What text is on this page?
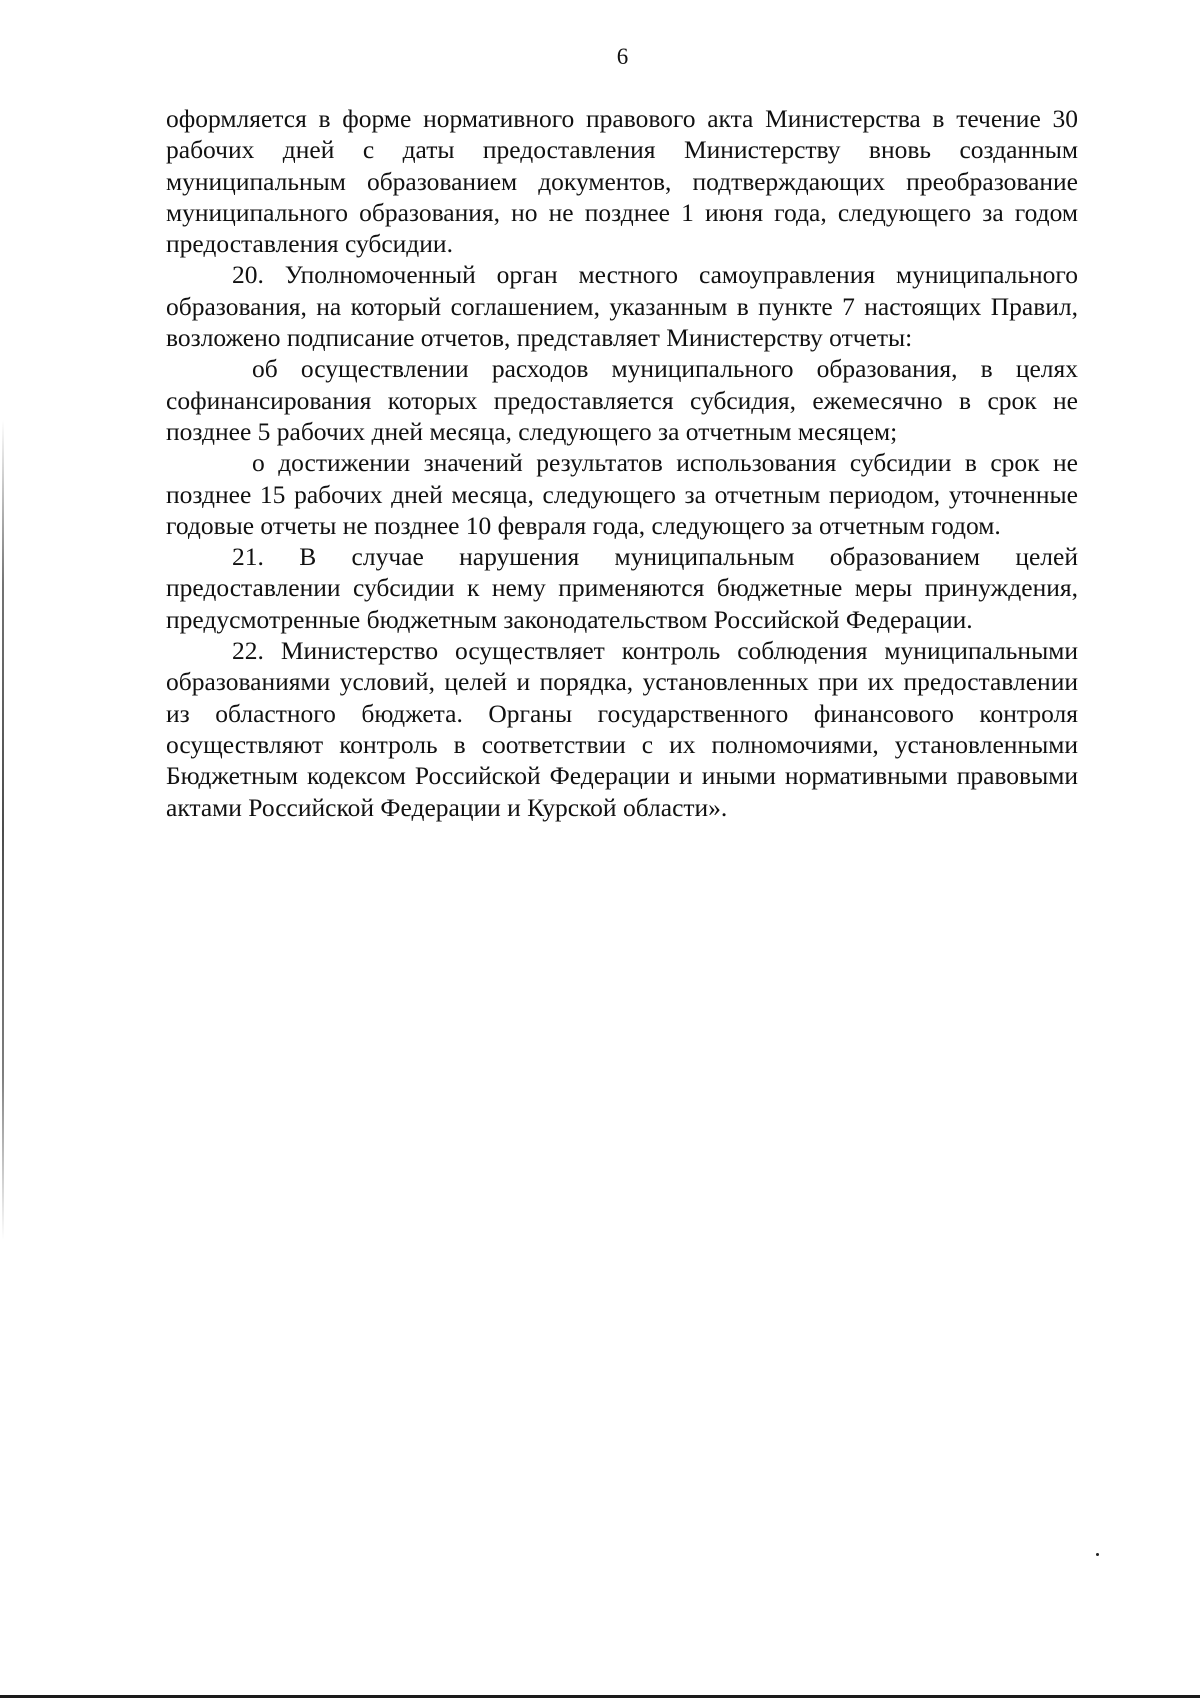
6

оформляется в форме нормативного правового акта Министерства в течение 30 рабочих дней с даты предоставления Министерству вновь созданным муниципальным образованием документов, подтверждающих преобразование муниципального образования, но не позднее 1 июня года, следующего за годом предоставления субсидии.

20. Уполномоченный орган местного самоуправления муниципального образования, на который соглашением, указанным в пункте 7 настоящих Правил, возложено подписание отчетов, представляет Министерству отчеты:

об осуществлении расходов муниципального образования, в целях софинансирования которых предоставляется субсидия, ежемесячно в срок не позднее 5 рабочих дней месяца, следующего за отчетным месяцем;

о достижении значений результатов использования субсидии в срок не позднее 15 рабочих дней месяца, следующего за отчетным периодом, уточненные годовые отчеты не позднее 10 февраля года, следующего за отчетным годом.

21. В случае нарушения муниципальным образованием целей предоставлении субсидии к нему применяются бюджетные меры принуждения, предусмотренные бюджетным законодательством Российской Федерации.

22. Министерство осуществляет контроль соблюдения муниципальными образованиями условий, целей и порядка, установленных при их предоставлении из областного бюджета. Органы государственного финансового контроля осуществляют контроль в соответствии с их полномочиями, установленными Бюджетным кодексом Российской Федерации и иными нормативными правовыми актами Российской Федерации и Курской области».
